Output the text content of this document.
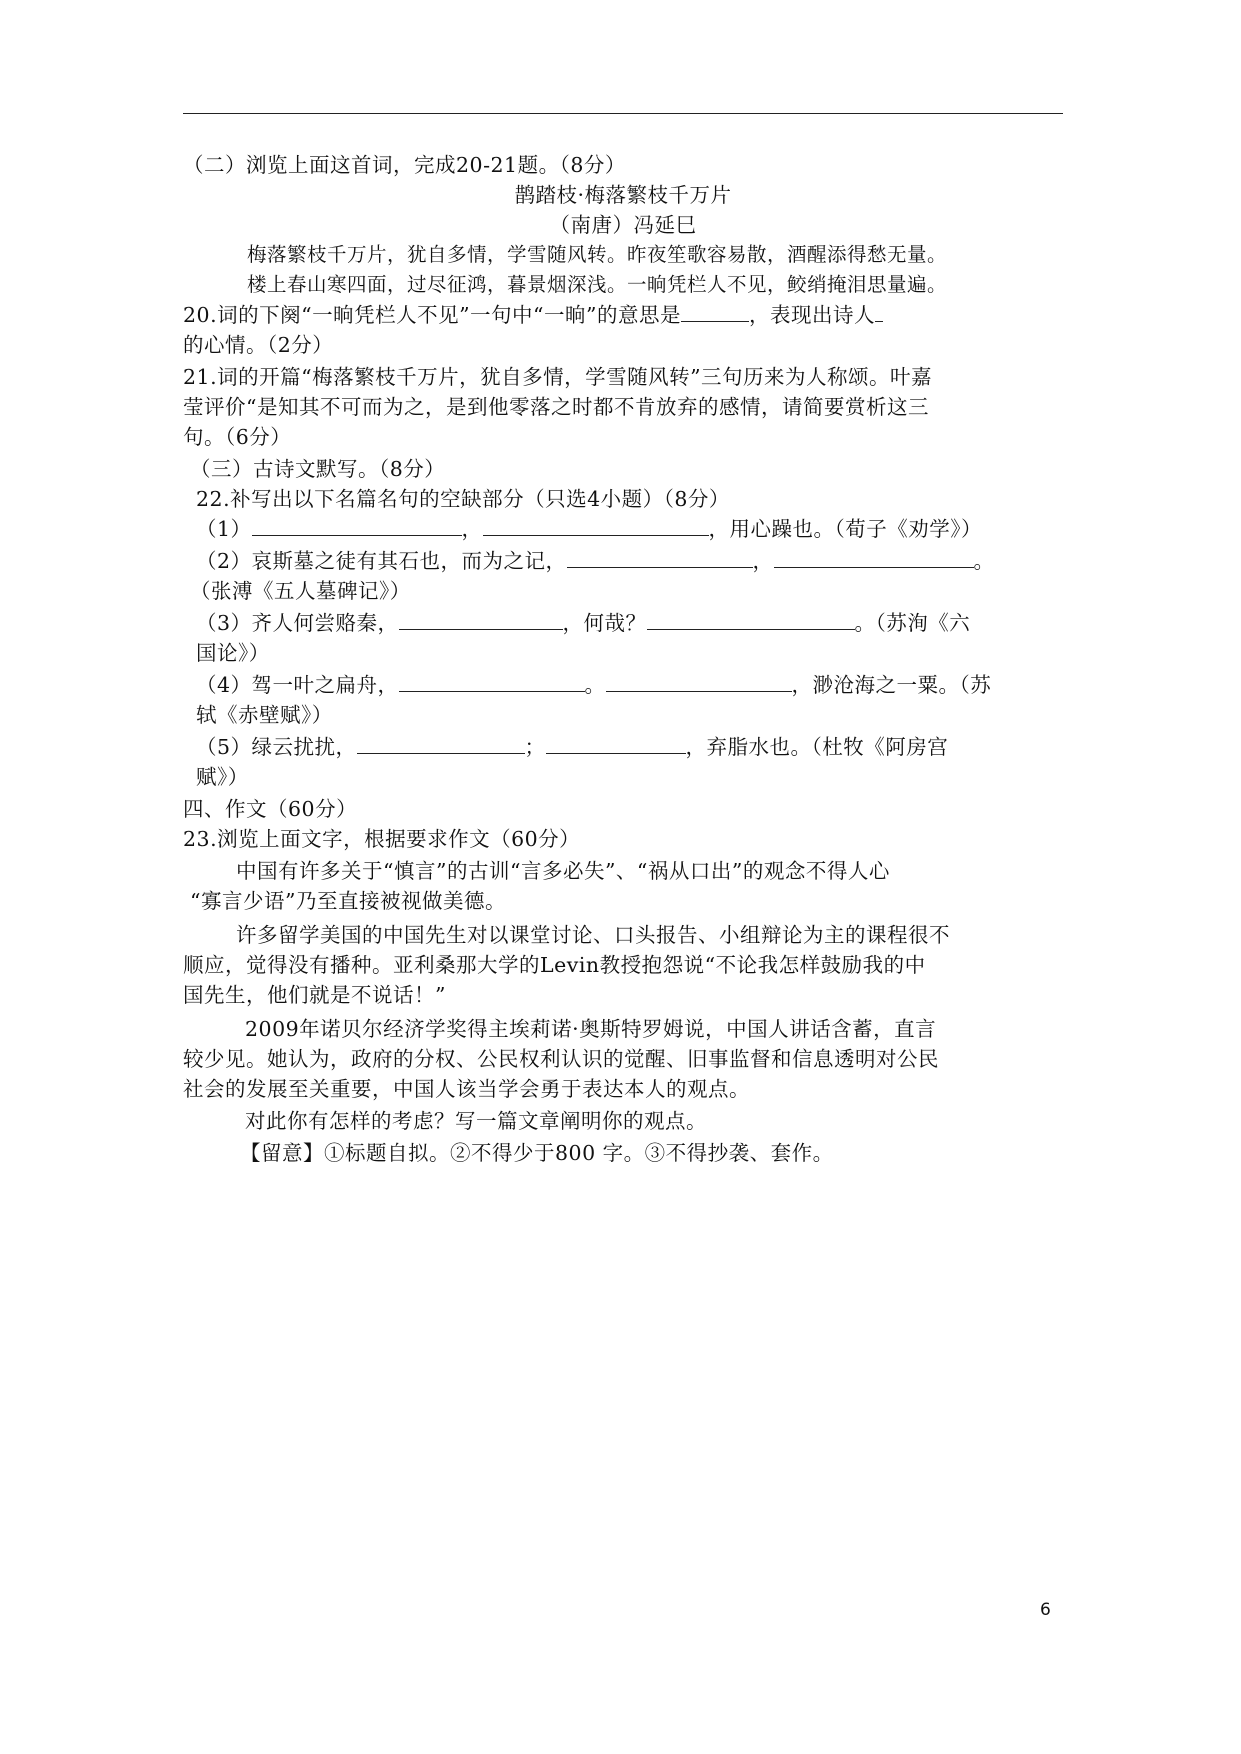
（二）浏览上面这首词，完成20-21题。（8分）
鹊踏枝·梅落繁枝千万片
（南唐）冯延巳
梅落繁枝千万片，犹自多情，学雪随风转。昨夜笙歌容易散，酒醒添得愁无量。
楼上春山寒四面，过尽征鸿，暮景烟深浅。一晌凭栏人不见，鲛绡掩泪思量遍。
20.词的下阕“一晌凭栏人不见”一句中“一晌”的意思是	，表现出诗人
的心情。（2分）
21.词的开篇“梅落繁枝千万片，犹自多情，学雪随风转”三句历来为人称颂。叶嘉
莹评价“是知其不可而为之，是到他零落之时都不肯放弃的感情，请简要赏析这三
句。（6分）
（三）古诗文默写。（8分）
22.补写出以下名篇名句的空缺部分（只选4小题）（8分）
（1）	，	，用心躁也。（荀子《劝学》）
（2）哀斯墓之徒有其石也，而为之记，	，	。
（张溥《五人墓碑记》）
（3）齐人何尝赂秦，	，何哉？	。（苏洵《六
国论》）
（4）驾一叶之扁舟，	。	，渺沧海之一粟。（苏
轼《赤壁赋》）
（5）绿云扰扰，	；	，弃脂水也。（杜牧《阿房宫
赋》）
四、作文（60分）
23.浏览上面文字，根据要求作文（60分）
中国有许多关于“慎言”的古训“言多必失”、“祸从口出”的观念不得人心
“寡言少语”乃至直接被视做美德。
许多留学美国的中国先生对以课堂讨论、口头报告、小组辩论为主的课程很不
顺应，觉得没有播种。亚利桑那大学的Levin教授抱怨说“不论我怎样鼓励我的中
国先生，他们就是不说话！”
2009年诺贝尔经济学奖得主埃莉诺·奥斯特罗姆说，中国人讲话含蓄，直言
较少见。她认为，政府的分权、公民权利认识的觉醒、旧事监督和信息透明对公民
社会的发展至关重要，中国人该当学会勇于表达本人的观点。
对此你有怎样的考虑？写一篇文章阐明你的观点。
【留意】①标题自拟。②不得少于800 字。③不得抄袭、套作。
6
